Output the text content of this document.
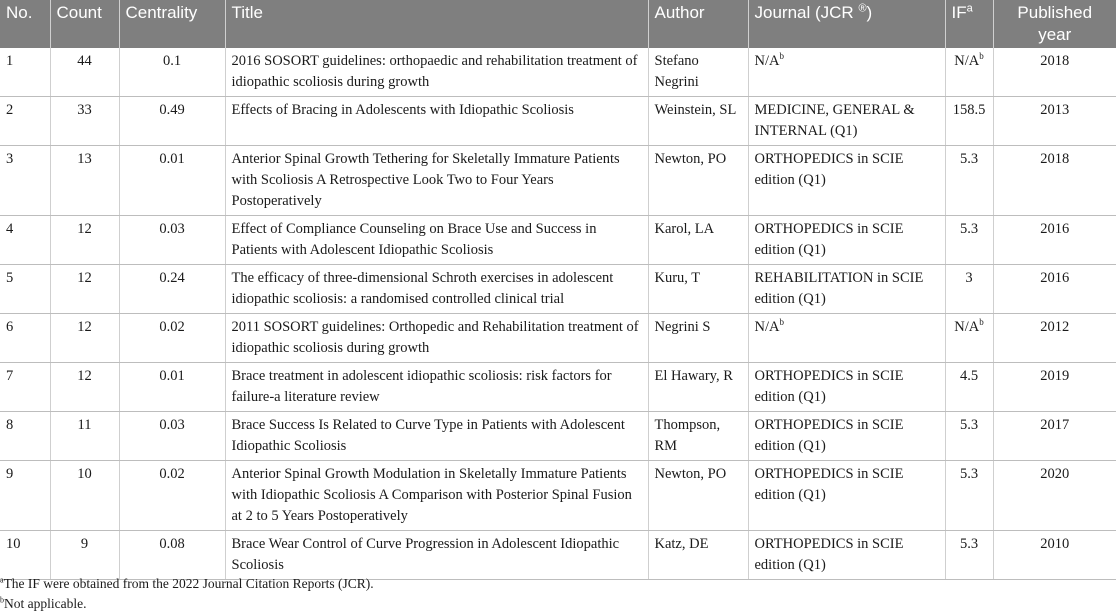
No.	Count	Centrality	Title	Author	Journal (JCR ®)	$IF^a$	Published year
1	44	0.1	2016 SOSORT guidelines: orthopaedic and rehabilitation treatment of idiopathic scoliosis during growth	Stefano Negrini	$N/A^b$	$N/A^b$	2018
2	33	0.49	Effects of Bracing in Adolescents with Idiopathic Scoliosis	Weinstein, SL	MEDICINE, GENERAL & INTERNAL (Q1)	158.5	2013
3	13	0.01	Anterior Spinal Growth Tethering for Skeletally Immature Patients with Scoliosis A Retrospective Look Two to Four Years Postoperatively	Newton, PO	ORTHOPEDICS in SCIE edition (Q1)	5.3	2018
4	12	0.03	Effect of Compliance Counseling on Brace Use and Success in Patients with Adolescent Idiopathic Scoliosis	Karol, LA	ORTHOPEDICS in SCIE edition (Q1)	5.3	2016
5	12	0.24	The efficacy of three-dimensional Schroth exercises in adolescent idiopathic scoliosis: a randomised controlled clinical trial	Kuru, T	REHABILITATION in SCIE edition (Q1)	3	2016
6	12	0.02	2011 SOSORT guidelines: Orthopedic and Rehabilitation treatment of idiopathic scoliosis during growth	Negrini S	$N/A^b$	$N/A^b$	2012
7	12	0.01	Brace treatment in adolescent idiopathic scoliosis: risk factors for failure-a literature review	El Hawary, R	ORTHOPEDICS in SCIE edition (Q1)	4.5	2019
8	11	0.03	Brace Success Is Related to Curve Type in Patients with Adolescent Idiopathic Scoliosis	Thompson, RM	ORTHOPEDICS in SCIE edition (Q1)	5.3	2017
9	10	0.02	Anterior Spinal Growth Modulation in Skeletally Immature Patients with Idiopathic Scoliosis A Comparison with Posterior Spinal Fusion at 2 to 5 Years Postoperatively	Newton, PO	ORTHOPEDICS in SCIE edition (Q1)	5.3	2020
10	9	0.08	Brace Wear Control of Curve Progression in Adolescent Idiopathic Scoliosis	Katz, DE	ORTHOPEDICS in SCIE edition (Q1)	5.3	2010
$^a$The IF were obtained from the 2022 Journal Citation Reports (JCR).
$^b$Not applicable.
